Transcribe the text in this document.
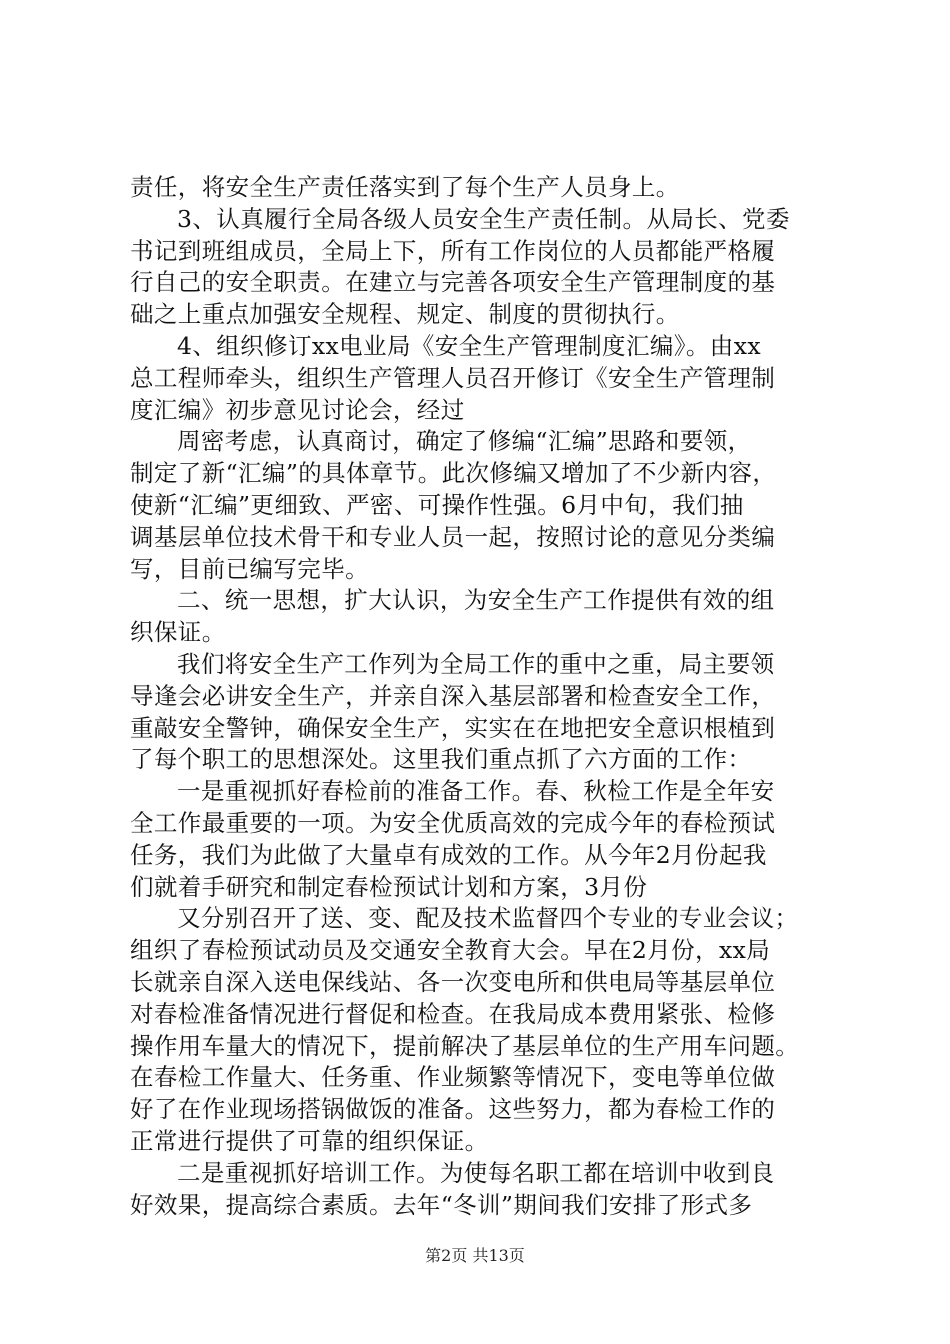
责任，将安全生产责任落实到了每个生产人员身上。
3、认真履行全局各级人员安全生产责任制。从局长、党委
书记到班组成员，全局上下，所有工作岗位的人员都能严格履
行自己的安全职责。在建立与完善各项安全生产管理制度的基
础之上重点加强安全规程、规定、制度的贯彻执行。
4、组织修订xx电业局《安全生产管理制度汇编》。由xx
总工程师牵头，组织生产管理人员召开修订《安全生产管理制
度汇编》初步意见讨论会，经过
周密考虑，认真商讨，确定了修编“汇编”思路和要领，
制定了新“汇编”的具体章节。此次修编又增加了不少新内容，
使新“汇编”更细致、严密、可操作性强。6月中旬，我们抽
调基层单位技术骨干和专业人员一起，按照讨论的意见分类编
写，目前已编写完毕。
二、统一思想，扩大认识，为安全生产工作提供有效的组
织保证。
我们将安全生产工作列为全局工作的重中之重，局主要领
导逢会必讲安全生产，并亲自深入基层部署和检查安全工作，
重敲安全警钟，确保安全生产，实实在在地把安全意识根植到
了每个职工的思想深处。这里我们重点抓了六方面的工作：
一是重视抓好春检前的准备工作。春、秋检工作是全年安
全工作最重要的一项。为安全优质高效的完成今年的春检预试
任务，我们为此做了大量卓有成效的工作。从今年2月份起我
们就着手研究和制定春检预试计划和方案，3月份
又分别召开了送、变、配及技术监督四个专业的专业会议；
组织了春检预试动员及交通安全教育大会。早在2月份，xx局
长就亲自深入送电保线站、各一次变电所和供电局等基层单位
对春检准备情况进行督促和检查。在我局成本费用紧张、检修
操作用车量大的情况下，提前解决了基层单位的生产用车问题。
在春检工作量大、任务重、作业频繁等情况下，变电等单位做
好了在作业现场搭锅做饭的准备。这些努力，都为春检工作的
正常进行提供了可靠的组织保证。
二是重视抓好培训工作。为使每名职工都在培训中收到良
好效果，提高综合素质。去年“冬训”期间我们安排了形式多
第2页 共13页
